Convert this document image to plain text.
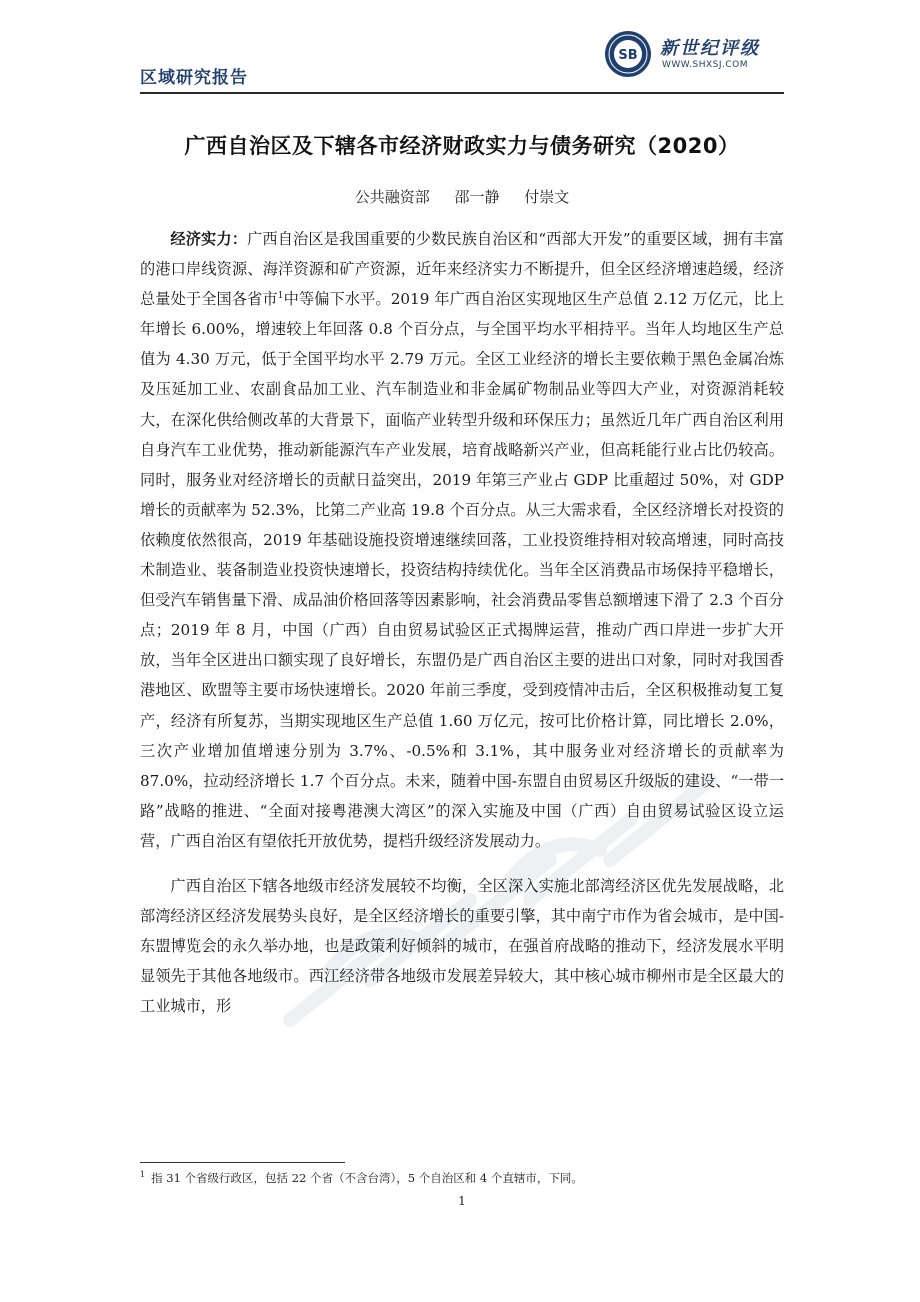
区域研究报告
SB 新世纪评级
WWW.SHXSJ.COM
广西自治区及下辖各市经济财政实力与债务研究（2020）
公共融资部 邵一静 付崇文

经济实力：广西自治区是我国重要的少数民族自治区和“西部大开发”的重要区域，拥有丰富的港口岸线资源、海洋资源和矿产资源，近年来经济实力不断提升，但全区经济增速趋缓，经济总量处于全国各省市$^1$中等偏下水平。2019 年广西自治区实现地区生产总值 2.12 万亿元，比上年增长 6.00%，增速较上年回落 0.8 个百分点，与全国平均水平相持平。当年人均地区生产总值为 4.30 万元，低于全国平均水平 2.79 万元。全区工业经济的增长主要依赖于黑色金属冶炼及压延加工业、农副食品加工业、汽车制造业和非金属矿物制品业等四大产业，对资源消耗较大，在深化供给侧改革的大背景下，面临产业转型升级和环保压力；虽然近几年广西自治区利用自身汽车工业优势，推动新能源汽车产业发展，培育战略新兴产业，但高耗能行业占比仍较高。同时，服务业对经济增长的贡献日益突出，2019 年第三产业占 GDP 比重超过 50%，对 GDP 增长的贡献率为 52.3%，比第二产业高 19.8 个百分点。从三大需求看，全区经济增长对投资的依赖度依然很高，2019 年基础设施投资增速继续回落，工业投资维持相对较高增速，同时高技术制造业、装备制造业投资快速增长，投资结构持续优化。当年全区消费品市场保持平稳增长，但受汽车销售量下滑、成品油价格回落等因素影响，社会消费品零售总额增速下滑了 2.3 个百分点；2019 年 8 月，中国（广西）自由贸易试验区正式揭牌运营，推动广西口岸进一步扩大开放，当年全区进出口额实现了良好增长，东盟仍是广西自治区主要的进出口对象，同时对我国香港地区、欧盟等主要市场快速增长。2020 年前三季度，受到疫情冲击后，全区积极推动复工复产，经济有所复苏，当期实现地区生产总值 1.60 万亿元，按可比价格计算，同比增长 2.0%，三次产业增加值增速分别为 3.7%、-0.5%和 3.1%，其中服务业对经济增长的贡献率为 87.0%，拉动经济增长 1.7 个百分点。未来，随着中国-东盟自由贸易区升级版的建设、“一带一路”战略的推进、“全面对接粤港澳大湾区”的深入实施及中国（广西）自由贸易试验区设立运营，广西自治区有望依托开放优势，提档升级经济发展动力。

广西自治区下辖各地级市经济发展较不均衡，全区深入实施北部湾经济区优先发展战略，北部湾经济区经济发展势头良好，是全区经济增长的重要引擎，其中南宁市作为省会城市，是中国-东盟博览会的永久举办地，也是政策利好倾斜的城市，在强首府战略的推动下，经济发展水平明显领先于其他各地级市。西江经济带各地级市发展差异较大，其中核心城市柳州市是全区最大的工业城市，形

$^1$ 指 31 个省级行政区，包括 22 个省（不含台湾），5 个自治区和 4 个直辖市，下同。
1
